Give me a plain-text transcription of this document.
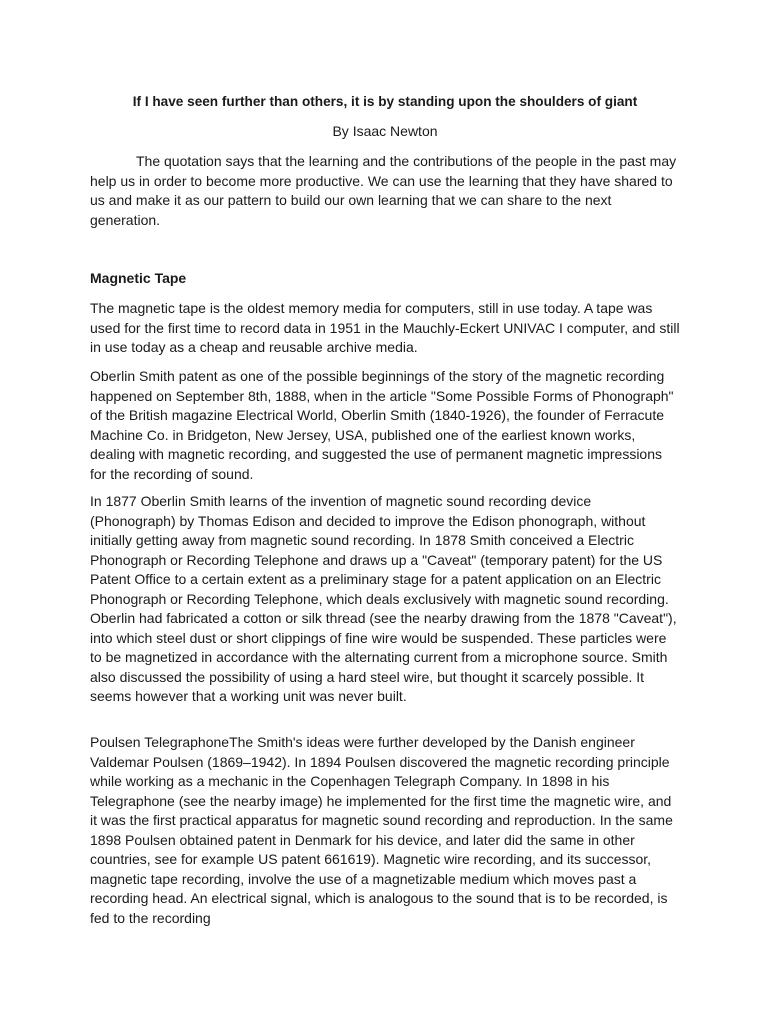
If I have seen further than others, it is by standing upon the shoulders of giant

By Isaac Newton

The quotation says that the learning and the contributions of the people in the past may help us in order to become more productive. We can use the learning that they have shared to us and make it as our pattern to build our own learning that we can share to the next generation.

Magnetic Tape

The magnetic tape is the oldest memory media for computers, still in use today. A tape was used for the first time to record data in 1951 in the Mauchly-Eckert UNIVAC I computer, and still in use today as a cheap and reusable archive media.

Oberlin Smith patent as one of the possible beginnings of the story of the magnetic recording happened on September 8th, 1888, when in the article "Some Possible Forms of Phonograph" of the British magazine Electrical World, Oberlin Smith (1840-1926), the founder of Ferracute Machine Co. in Bridgeton, New Jersey, USA, published one of the earliest known works, dealing with magnetic recording, and suggested the use of permanent magnetic impressions for the recording of sound.

In 1877 Oberlin Smith learns of the invention of magnetic sound recording device (Phonograph) by Thomas Edison and decided to improve the Edison phonograph, without initially getting away from magnetic sound recording. In 1878 Smith conceived a Electric Phonograph or Recording Telephone and draws up a "Caveat" (temporary patent) for the US Patent Office to a certain extent as a preliminary stage for a patent application on an Electric Phonograph or Recording Telephone, which deals exclusively with magnetic sound recording. Oberlin had fabricated a cotton or silk thread (see the nearby drawing from the 1878 "Caveat"), into which steel dust or short clippings of fine wire would be suspended. These particles were to be magnetized in accordance with the alternating current from a microphone source. Smith also discussed the possibility of using a hard steel wire, but thought it scarcely possible. It seems however that a working unit was never built.

Poulsen TelegraphoneThe Smith's ideas were further developed by the Danish engineer Valdemar Poulsen (1869–1942). In 1894 Poulsen discovered the magnetic recording principle while working as a mechanic in the Copenhagen Telegraph Company. In 1898 in his Telegraphone (see the nearby image) he implemented for the first time the magnetic wire, and it was the first practical apparatus for magnetic sound recording and reproduction. In the same 1898 Poulsen obtained patent in Denmark for his device, and later did the same in other countries, see for example US patent 661619). Magnetic wire recording, and its successor, magnetic tape recording, involve the use of a magnetizable medium which moves past a recording head. An electrical signal, which is analogous to the sound that is to be recorded, is fed to the recording
